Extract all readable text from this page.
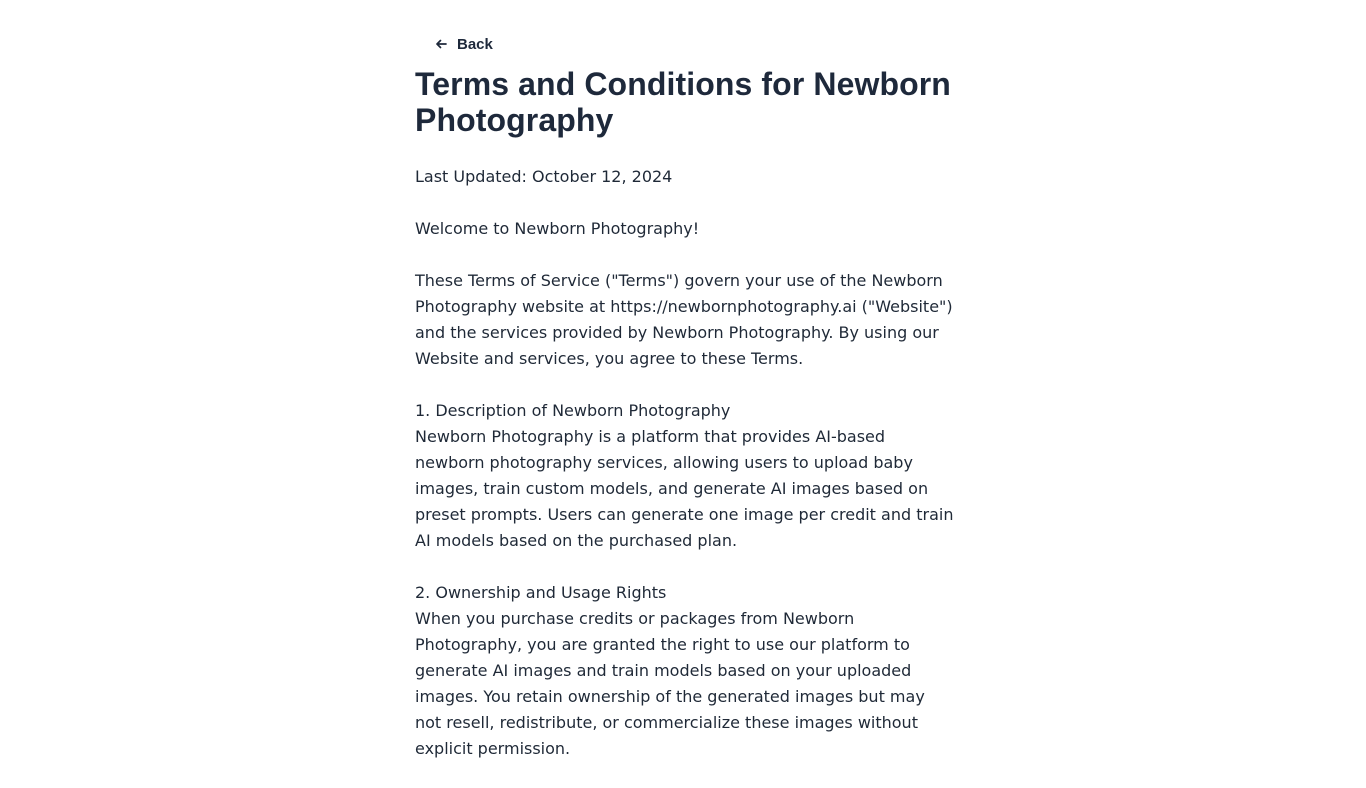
Back
Terms and Conditions for Newborn Photography

Last Updated: October 12, 2024

Welcome to Newborn Photography!

These Terms of Service ("Terms") govern your use of the Newborn Photography website at https://newbornphotography.ai ("Website") and the services provided by Newborn Photography. By using our Website and services, you agree to these Terms.

1. Description of Newborn Photography

Newborn Photography is a platform that provides AI-based newborn photography services, allowing users to upload baby images, train custom models, and generate AI images based on preset prompts. Users can generate one image per credit and train AI models based on the purchased plan.

2. Ownership and Usage Rights

When you purchase credits or packages from Newborn Photography, you are granted the right to use our platform to generate AI images and train models based on your uploaded images. You retain ownership of the generated images but may not resell, redistribute, or commercialize these images without explicit permission.
